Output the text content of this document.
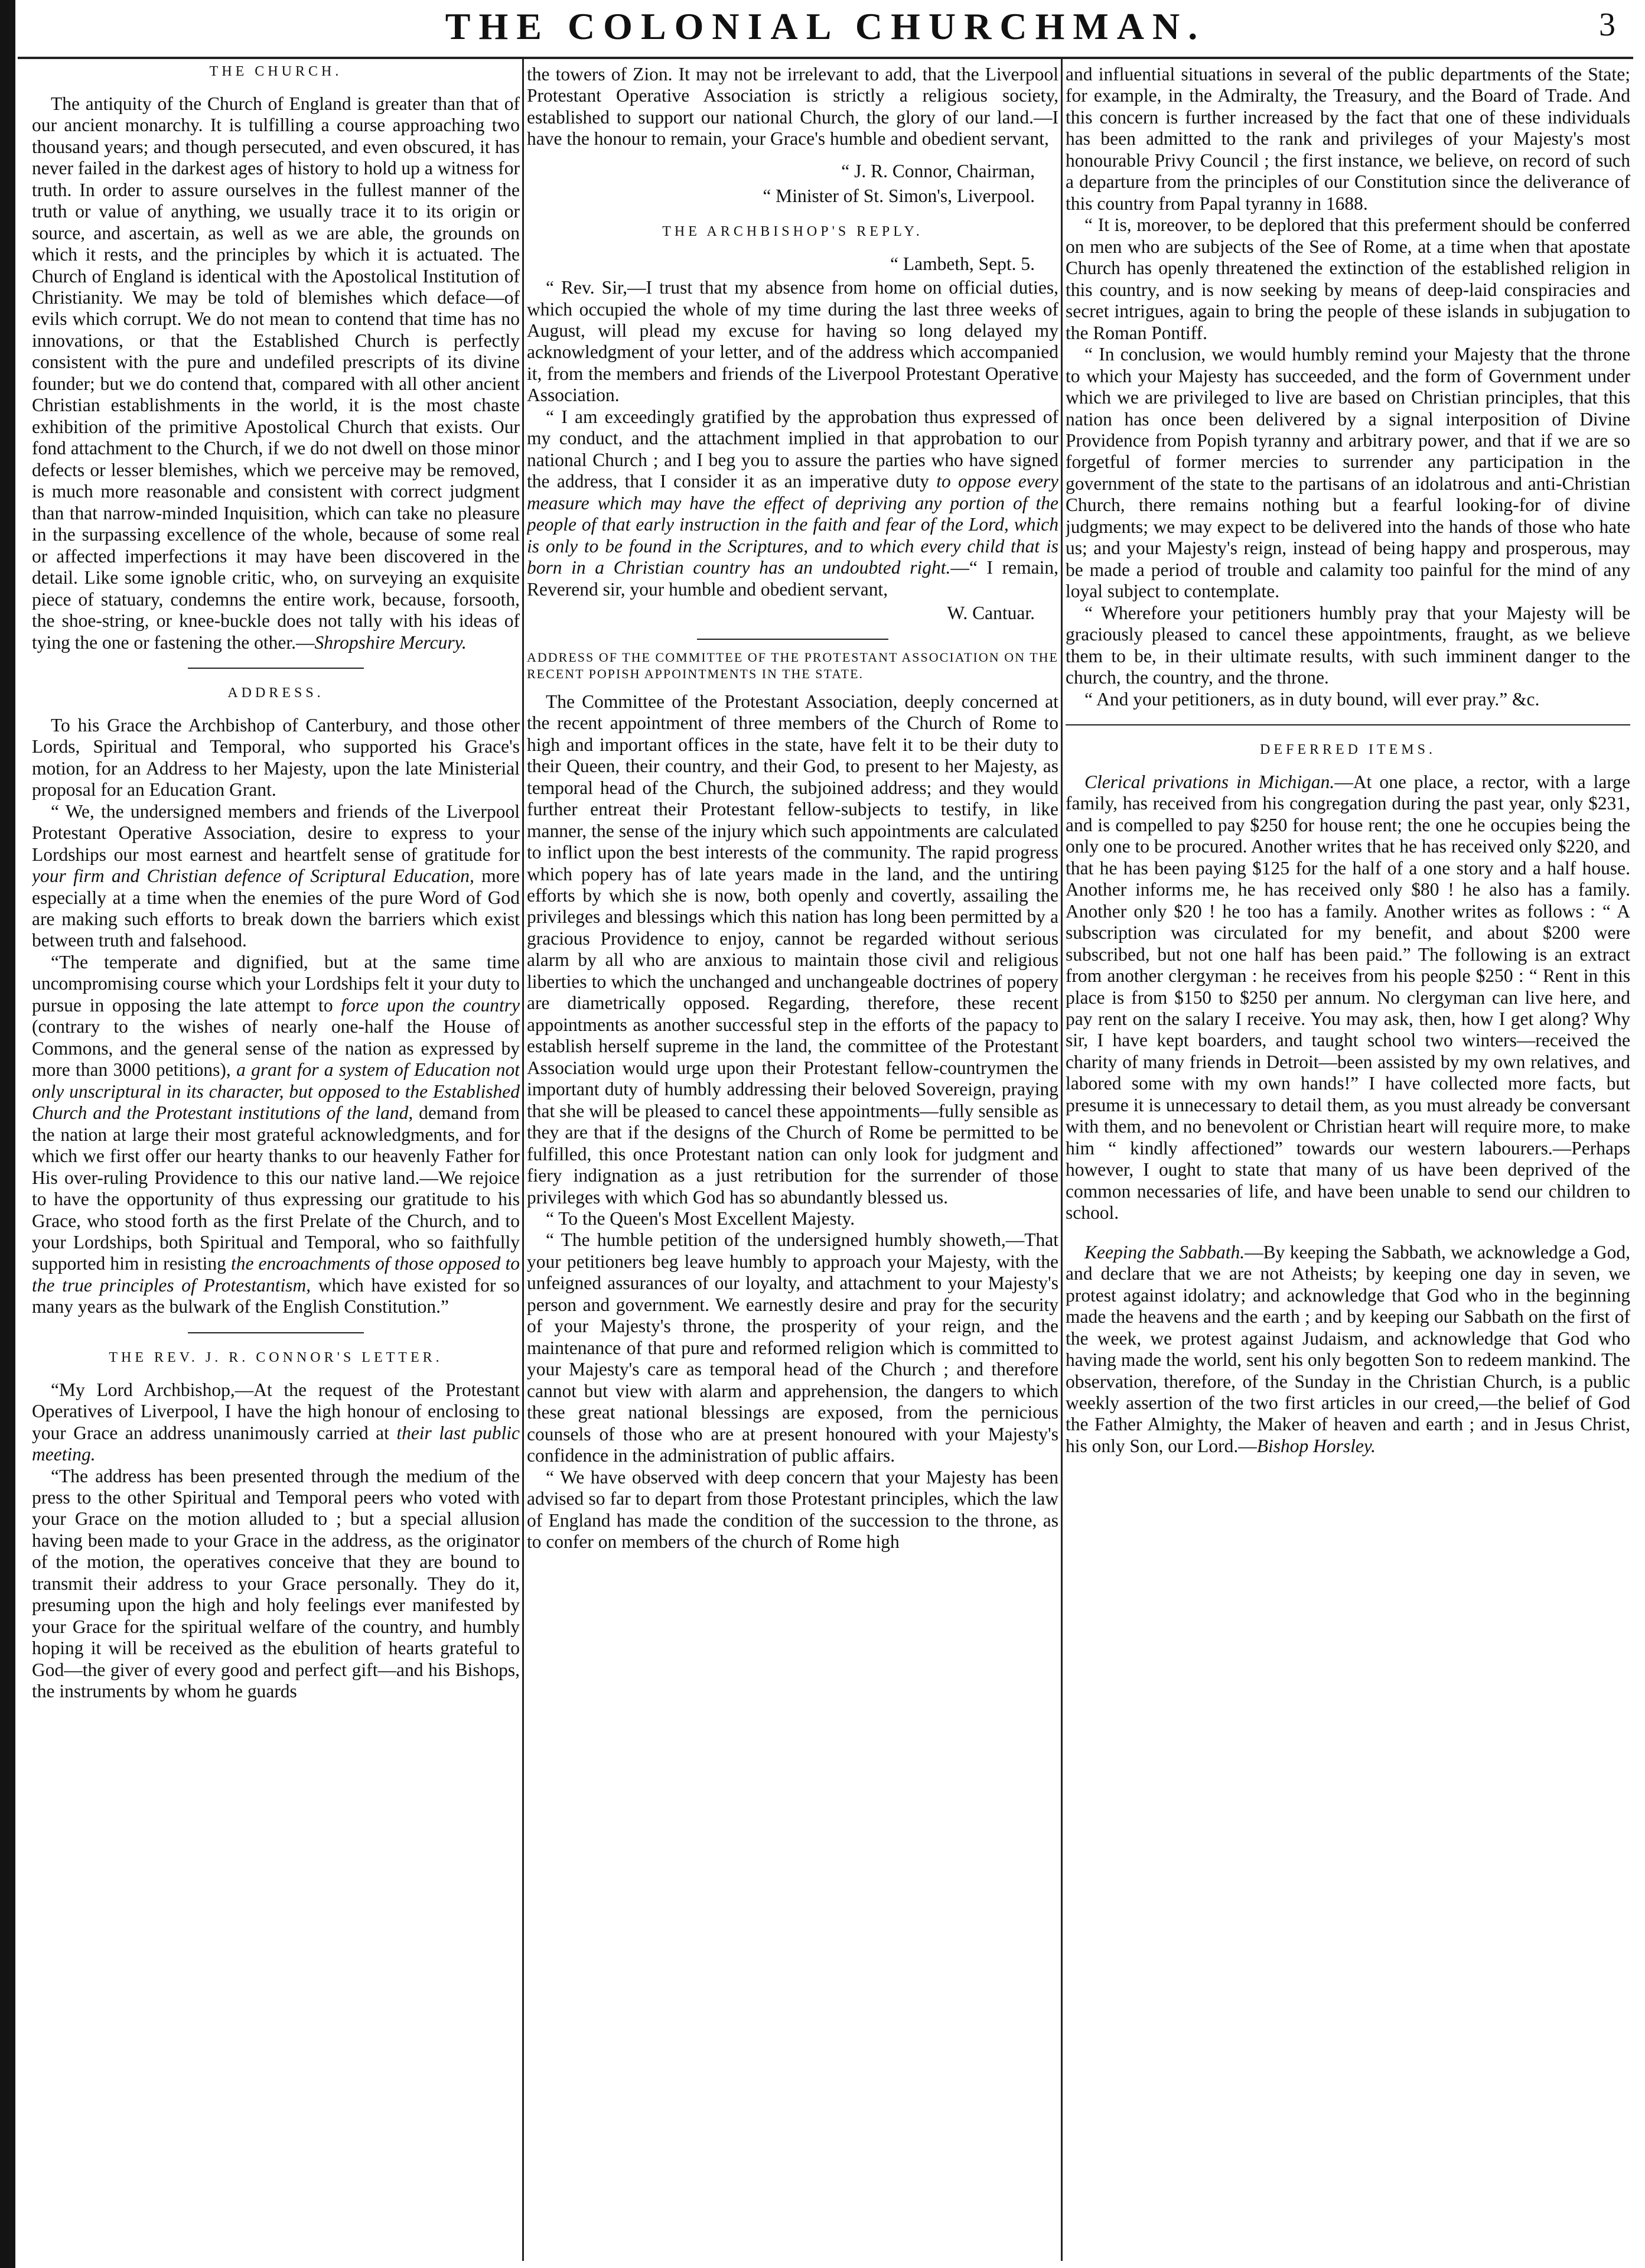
THE COLONIAL CHURCHMAN.	3
THE CHURCH.

The antiquity of the Church of England is greater than that of our ancient monarchy. It is tulfilling a course approaching two thousand years; and though persecuted, and even obscured, it has never failed in the darkest ages of history to hold up a witness for truth. In order to assure ourselves in the fullest manner of the truth or value of anything, we usually trace it to its origin or source, and ascertain, as well as we are able, the grounds on which it rests, and the principles by which it is actuated. The Church of England is identical with the Apostolical Institution of Christianity. We may be told of blemishes which deface—of evils which corrupt. We do not mean to contend that time has no innovations, or that the Established Church is perfectly consistent with the pure and undefiled prescripts of its divine founder; but we do contend that, compared with all other ancient Christian establishments in the world, it is the most chaste exhibition of the primitive Apostolical Church that exists. Our fond attachment to the Church, if we do not dwell on those minor defects or lesser blemishes, which we perceive may be removed, is much more reasonable and consistent with correct judgment than that narrow-minded Inquisition, which can take no pleasure in the surpassing excellence of the whole, because of some real or affected imperfections it may have been discovered in the detail. Like some ignoble critic, who, on surveying an exquisite piece of statuary, condemns the entire work, because, forsooth, the shoe-string, or knee-buckle does not tally with his ideas of tying the one or fastening the other.—Shropshire Mercury.

ADDRESS.

To his Grace the Archbishop of Canterbury, and those other Lords, Spiritual and Temporal, who supported his Grace's motion, for an Address to her Majesty, upon the late Ministerial proposal for an Education Grant.

“ We, the undersigned members and friends of the Liverpool Protestant Operative Association, desire to express to your Lordships our most earnest and heartfelt sense of gratitude for your firm and Christian defence of Scriptural Education, more especially at a time when the enemies of the pure Word of God are making such efforts to break down the barriers which exist between truth and falsehood.

“The temperate and dignified, but at the same time uncompromising course which your Lordships felt it your duty to pursue in opposing the late attempt to force upon the country (contrary to the wishes of nearly one-half the House of Commons, and the general sense of the nation as expressed by more than 3000 petitions), a grant for a system of Education not only unscriptural in its character, but opposed to the Established Church and the Protestant institutions of the land, demand from the nation at large their most grateful acknowledgments, and for which we first offer our hearty thanks to our heavenly Father for His over-ruling Providence to this our native land.—We rejoice to have the opportunity of thus expressing our gratitude to his Grace, who stood forth as the first Prelate of the Church, and to your Lordships, both Spiritual and Temporal, who so faithfully supported him in resisting the encroachments of those opposed to the true principles of Protestantism, which have existed for so many years as the bulwark of the English Constitution.”

THE REV. J. R. CONNOR'S LETTER.

“My Lord Archbishop,—At the request of the Protestant Operatives of Liverpool, I have the high honour of enclosing to your Grace an address unanimously carried at their last public meeting.

“The address has been presented through the medium of the press to the other Spiritual and Temporal peers who voted with your Grace on the motion alluded to ; but a special allusion having been made to your Grace in the address, as the originator of the motion, the operatives conceive that they are bound to transmit their address to your Grace personally. They do it, presuming upon the high and holy feelings ever manifested by your Grace for the spiritual welfare of the country, and humbly hoping it will be received as the ebulition of hearts grateful to God—the giver of every good and perfect gift—and his Bishops, the instruments by whom he guards

the towers of Zion. It may not be irrelevant to add, that the Liverpool Protestant Operative Association is strictly a religious society, established to support our national Church, the glory of our land.—I have the honour to remain, your Grace's humble and obedient servant,

“ J. R. Connor, Chairman,
“ Minister of St. Simon's, Liverpool.
THE ARCHBISHOP'S REPLY.
“ Lambeth, Sept. 5.

“ Rev. Sir,—I trust that my absence from home on official duties, which occupied the whole of my time during the last three weeks of August, will plead my excuse for having so long delayed my acknowledgment of your letter, and of the address which accompanied it, from the members and friends of the Liverpool Protestant Operative Association.

“ I am exceedingly gratified by the approbation thus expressed of my conduct, and the attachment implied in that approbation to our national Church ; and I beg you to assure the parties who have signed the address, that I consider it as an imperative duty to oppose every measure which may have the effect of depriving any portion of the people of that early instruction in the faith and fear of the Lord, which is only to be found in the Scriptures, and to which every child that is born in a Christian country has an undoubted right.—“ I remain, Reverend sir, your humble and obedient servant,

W. Cantuar.
ADDRESS OF THE COMMITTEE OF THE PROTESTANT ASSOCIATION ON THE RECENT POPISH APPOINTMENTS IN THE STATE.

The Committee of the Protestant Association, deeply concerned at the recent appointment of three members of the Church of Rome to high and important offices in the state, have felt it to be their duty to their Queen, their country, and their God, to present to her Majesty, as temporal head of the Church, the subjoined address; and they would further entreat their Protestant fellow-subjects to testify, in like manner, the sense of the injury which such appointments are calculated to inflict upon the best interests of the community. The rapid progress which popery has of late years made in the land, and the untiring efforts by which she is now, both openly and covertly, assailing the privileges and blessings which this nation has long been permitted by a gracious Providence to enjoy, cannot be regarded without serious alarm by all who are anxious to maintain those civil and religious liberties to which the unchanged and unchangeable doctrines of popery are diametrically opposed. Regarding, therefore, these recent appointments as another successful step in the efforts of the papacy to establish herself supreme in the land, the committee of the Protestant Association would urge upon their Protestant fellow-countrymen the important duty of humbly addressing their beloved Sovereign, praying that she will be pleased to cancel these appointments—fully sensible as they are that if the designs of the Church of Rome be permitted to be fulfilled, this once Protestant nation can only look for judgment and fiery indignation as a just retribution for the surrender of those privileges with which God has so abundantly blessed us.

“ To the Queen's Most Excellent Majesty.

“ The humble petition of the undersigned humbly showeth,—That your petitioners beg leave humbly to approach your Majesty, with the unfeigned assurances of our loyalty, and attachment to your Majesty's person and government. We earnestly desire and pray for the security of your Majesty's throne, the prosperity of your reign, and the maintenance of that pure and reformed religion which is committed to your Majesty's care as temporal head of the Church ; and therefore cannot but view with alarm and apprehension, the dangers to which these great national blessings are exposed, from the pernicious counsels of those who are at present honoured with your Majesty's confidence in the administration of public affairs.

“ We have observed with deep concern that your Majesty has been advised so far to depart from those Protestant principles, which the law of England has made the condition of the succession to the throne, as to confer on members of the church of Rome high

and influential situations in several of the public departments of the State; for example, in the Admiralty, the Treasury, and the Board of Trade. And this concern is further increased by the fact that one of these individuals has been admitted to the rank and privileges of your Majesty's most honourable Privy Council ; the first instance, we believe, on record of such a departure from the principles of our Constitution since the deliverance of this country from Papal tyranny in 1688.

“ It is, moreover, to be deplored that this preferment should be conferred on men who are subjects of the See of Rome, at a time when that apostate Church has openly threatened the extinction of the established religion in this country, and is now seeking by means of deep-laid conspiracies and secret intrigues, again to bring the people of these islands in subjugation to the Roman Pontiff.

“ In conclusion, we would humbly remind your Majesty that the throne to which your Majesty has succeeded, and the form of Government under which we are privileged to live are based on Christian principles, that this nation has once been delivered by a signal interposition of Divine Providence from Popish tyranny and arbitrary power, and that if we are so forgetful of former mercies to surrender any participation in the government of the state to the partisans of an idolatrous and anti-Christian Church, there remains nothing but a fearful looking-for of divine judgments; we may expect to be delivered into the hands of those who hate us; and your Majesty's reign, instead of being happy and prosperous, may be made a period of trouble and calamity too painful for the mind of any loyal subject to contemplate.

“ Wherefore your petitioners humbly pray that your Majesty will be graciously pleased to cancel these appointments, fraught, as we believe them to be, in their ultimate results, with such imminent danger to the church, the country, and the throne.

“ And your petitioners, as in duty bound, will ever pray.” &c.

DEFERRED ITEMS.

Clerical privations in Michigan.—At one place, a rector, with a large family, has received from his congregation during the past year, only $231, and is compelled to pay $250 for house rent; the one he occupies being the only one to be procured. Another writes that he has received only $220, and that he has been paying $125 for the half of a one story and a half house. Another informs me, he has received only $80 ! he also has a family. Another only $20 ! he too has a family. Another writes as follows : “ A subscription was circulated for my benefit, and about $200 were subscribed, but not one half has been paid.” The following is an extract from another clergyman : he receives from his people $250 : “ Rent in this place is from $150 to $250 per annum. No clergyman can live here, and pay rent on the salary I receive. You may ask, then, how I get along? Why sir, I have kept boarders, and taught school two winters—received the charity of many friends in Detroit—been assisted by my own relatives, and labored some with my own hands!” I have collected more facts, but presume it is unnecessary to detail them, as you must already be conversant with them, and no benevolent or Christian heart will require more, to make him “ kindly affectioned” towards our western labourers.—Perhaps however, I ought to state that many of us have been deprived of the common necessaries of life, and have been unable to send our children to school.

Keeping the Sabbath.—By keeping the Sabbath, we acknowledge a God, and declare that we are not Atheists; by keeping one day in seven, we protest against idolatry; and acknowledge that God who in the beginning made the heavens and the earth ; and by keeping our Sabbath on the first of the week, we protest against Judaism, and acknowledge that God who having made the world, sent his only begotten Son to redeem mankind. The observation, therefore, of the Sunday in the Christian Church, is a public weekly assertion of the two first articles in our creed,—the belief of God the Father Almighty, the Maker of heaven and earth ; and in Jesus Christ, his only Son, our Lord.—Bishop Horsley.
